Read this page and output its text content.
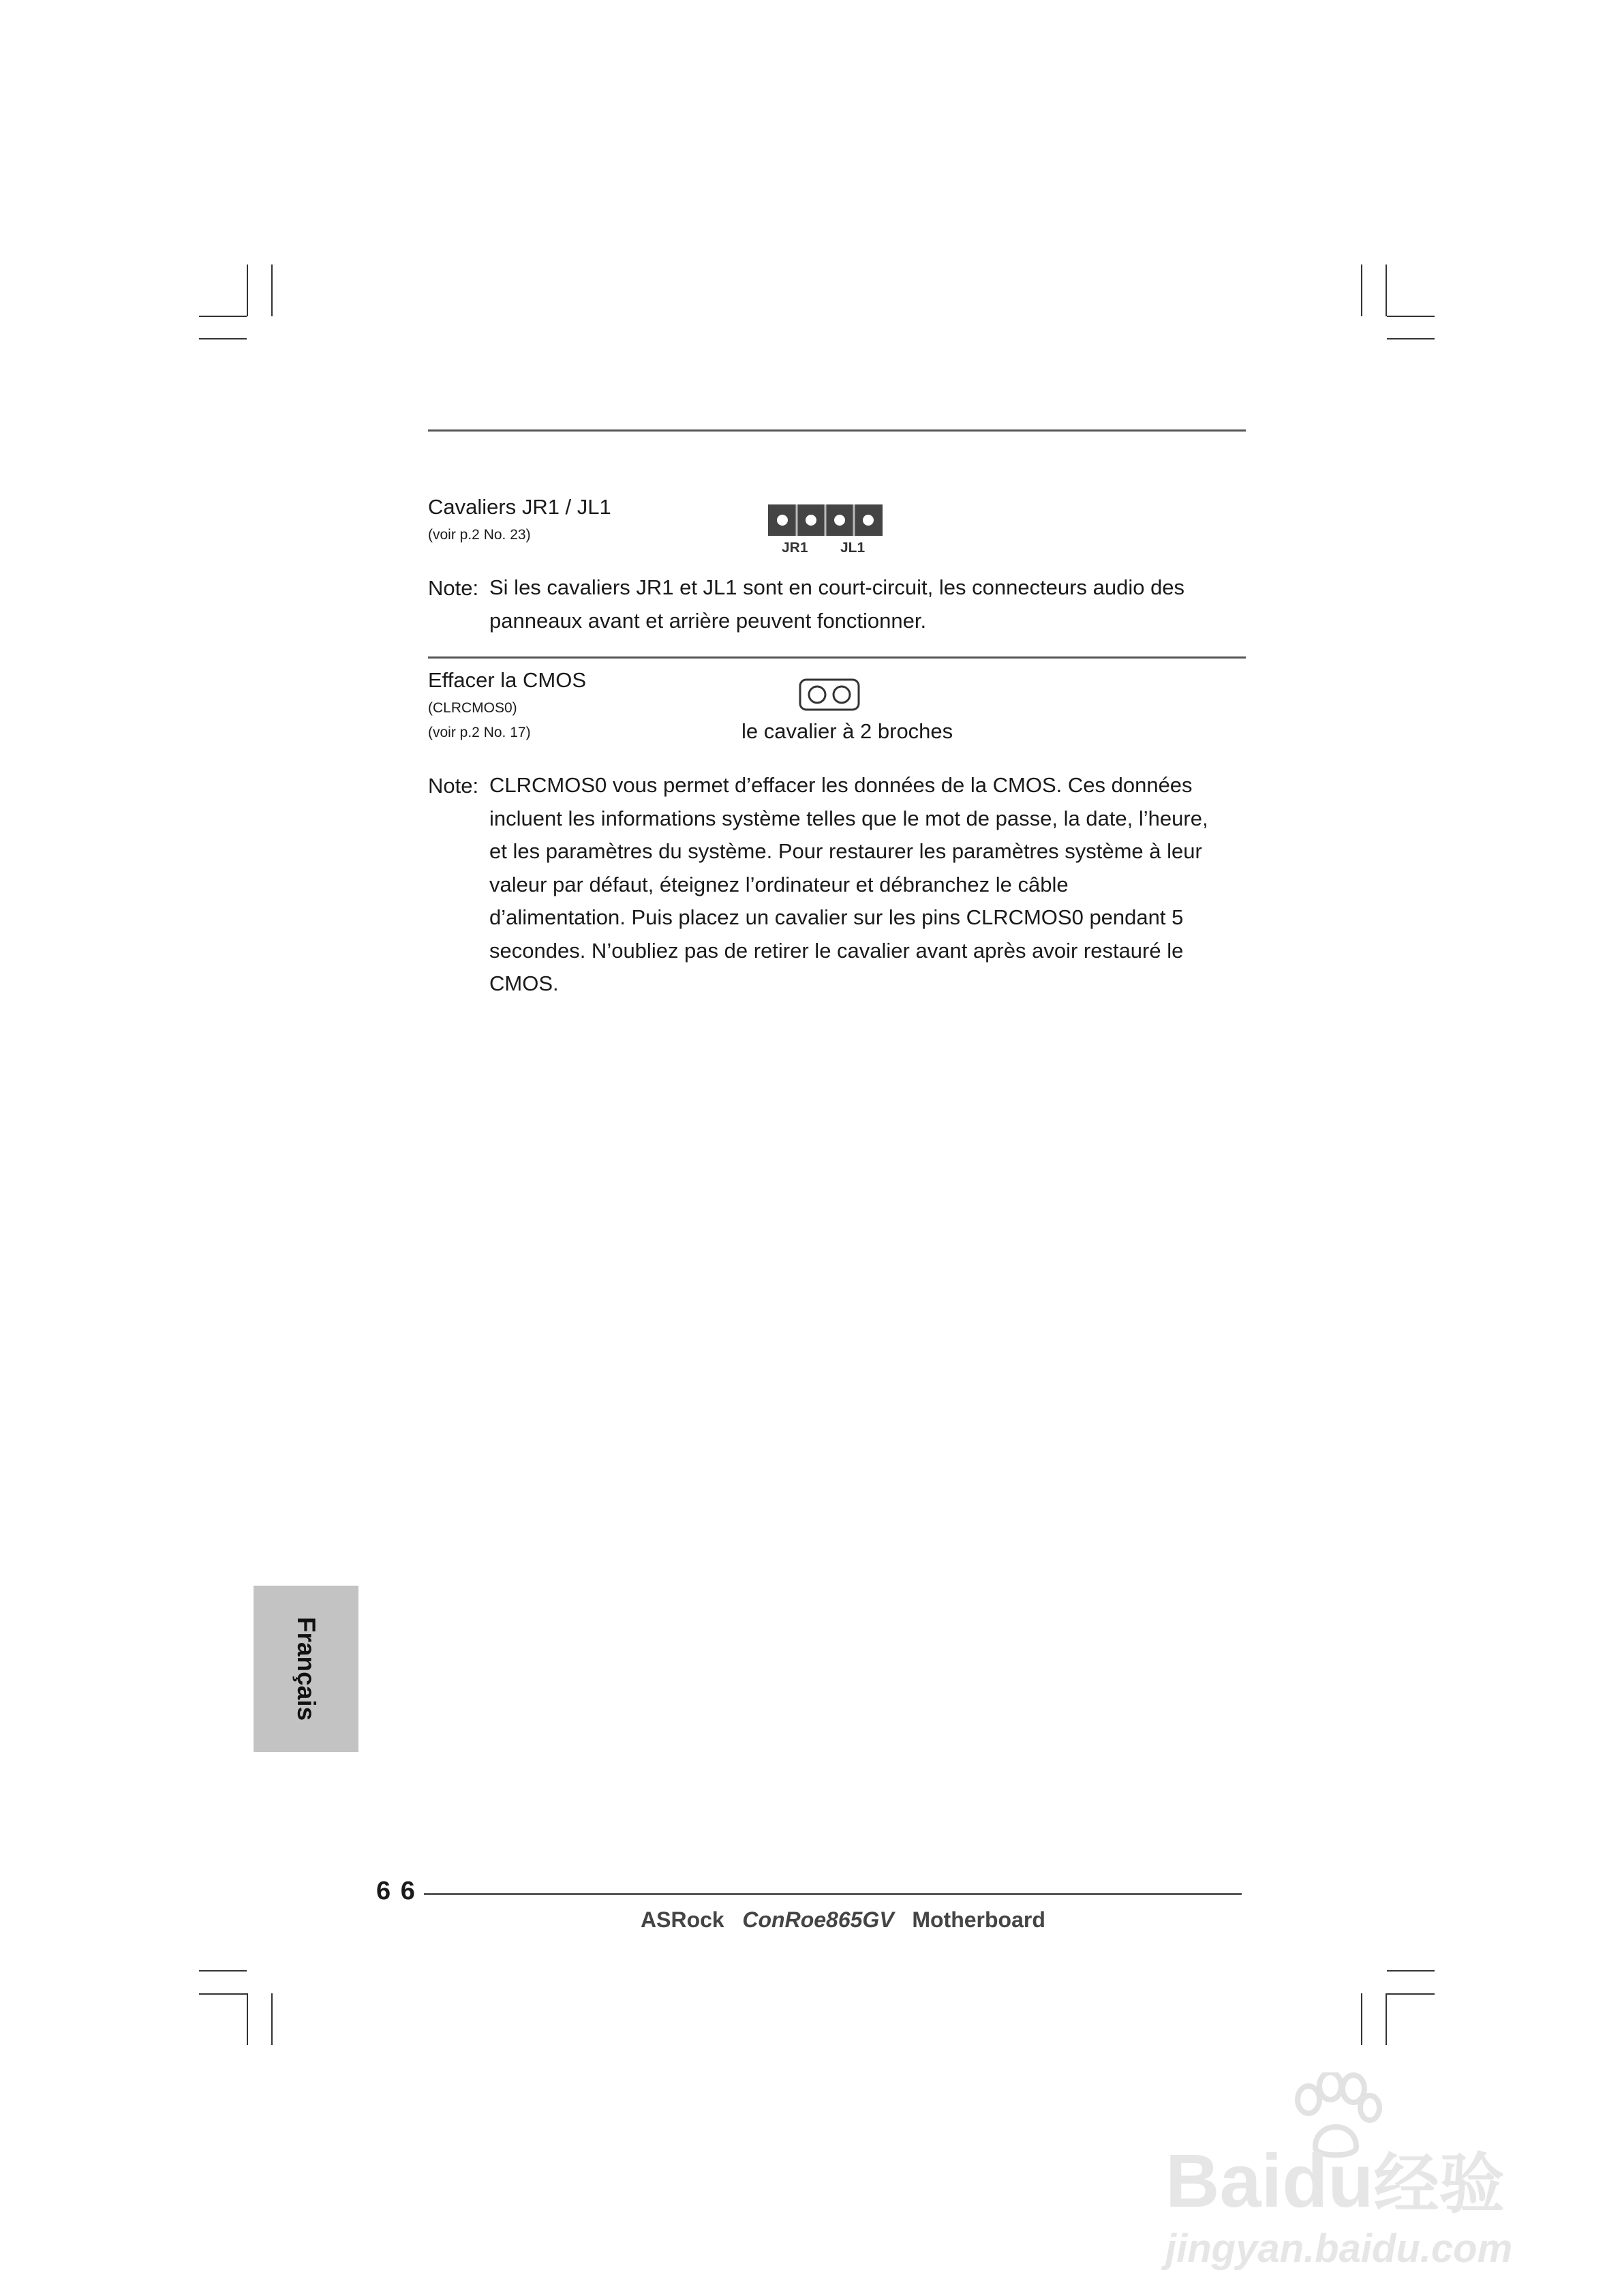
Cavaliers JR1 / JL1
(voir p.2 No. 23)
JR1 JL1
Note: Si les cavaliers JR1 et JL1 sont en court-circuit, les connecteurs audio des
panneaux avant et arrière peuvent fonctionner.
Effacer la CMOS
(CLRCMOS0)
(voir p.2 No. 17)	le cavalier à 2 broches
Note: CLRCMOS0 vous permet d’effacer les données de la CMOS. Ces données
incluent les informations système telles que le mot de passe, la date, l’heure,
et les paramètres du système. Pour restaurer les paramètres système à leur
valeur par défaut, éteignez l’ordinateur et débranchez le câble
d’alimentation. Puis placez un cavalier sur les pins CLRCMOS0 pendant 5
secondes. N’oubliez pas de retirer le cavalier avant après avoir restauré le
CMOS.
Français
6 6
ASRock ConRoe865GV Motherboard
Baidu经验
jingyan.baidu.com
